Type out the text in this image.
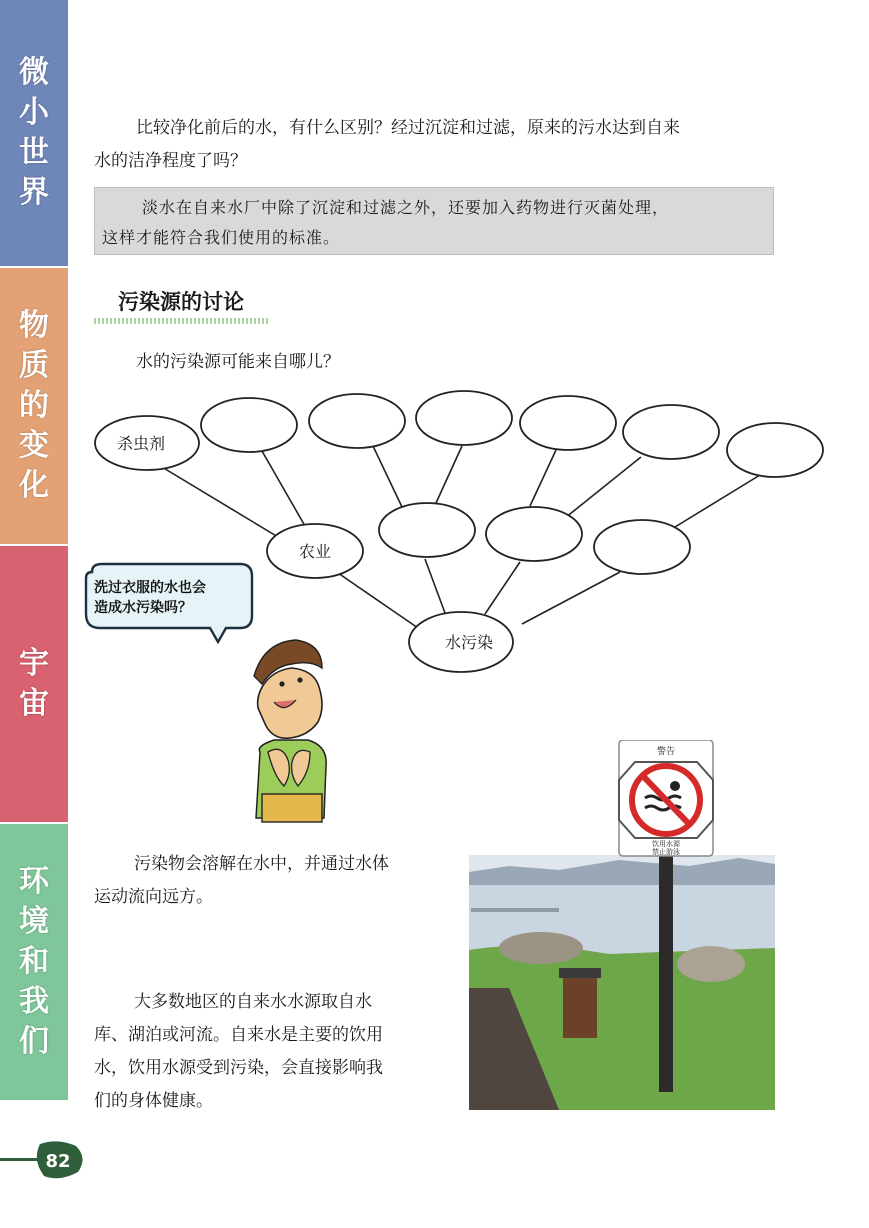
微
小
世
界
物
质
的
变
化
宇
宙
环
境
和
我
们
比较净化前后的水，有什么区别？经过沉淀和过滤，原来的污水达到自来
水的洁净程度了吗？
淡水在自来水厂中除了沉淀和过滤之外，还要加入药物进行灭菌处理，
这样才能符合我们使用的标准。
污染源的讨论
水的污染源可能来自哪儿？
杀虫剂
农业
水污染
洗过衣服的水也会
造成水污染吗？
污染物会溶解在水中，并通过水体
运动流向远方。
大多数地区的自来水水源取自水
库、湖泊或河流。自来水是主要的饮用
水，饮用水源受到污染，会直接影响我
们的身体健康。
警告
饮用水源
禁止游泳
82
